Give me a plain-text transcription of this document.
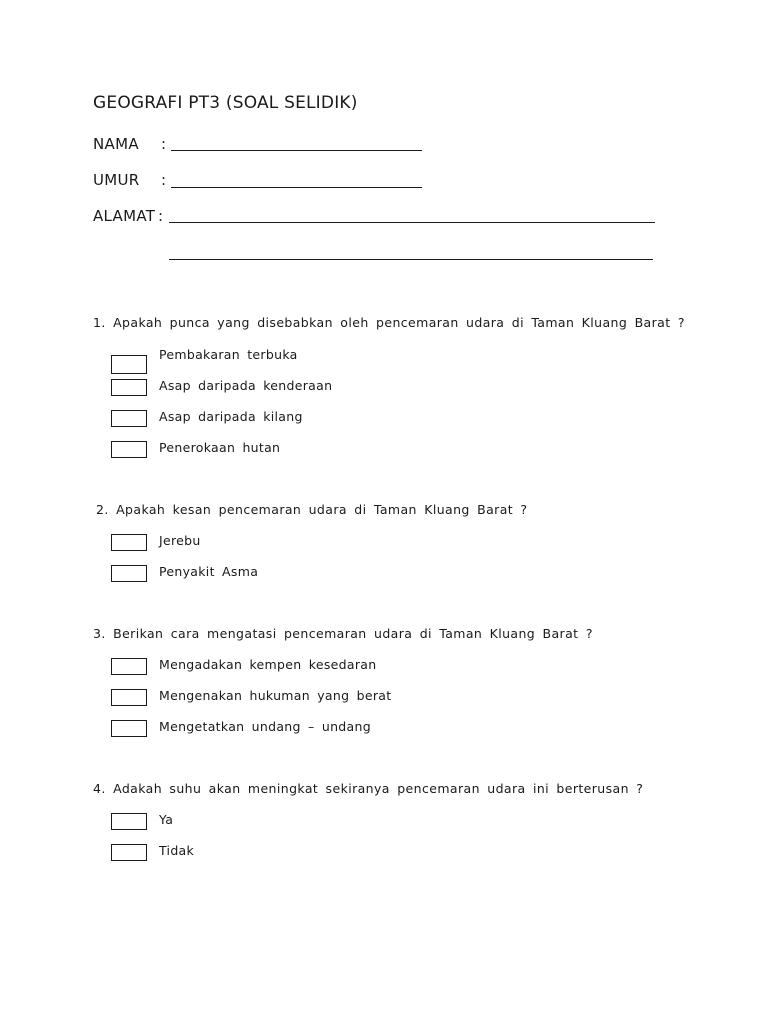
GEOGRAFI PT3 (SOAL SELIDIK)
NAMA :
UMUR :
ALAMAT :
1. Apakah punca yang disebabkan oleh pencemaran udara di Taman Kluang Barat ?
Pembakaran terbuka
Asap daripada kenderaan
Asap daripada kilang
Penerokaan hutan
2. Apakah kesan pencemaran udara di Taman Kluang Barat ?
Jerebu
Penyakit Asma
3. Berikan cara mengatasi pencemaran udara di Taman Kluang Barat ?
Mengadakan kempen kesedaran
Mengenakan hukuman yang berat
Mengetatkan undang – undang
4. Adakah suhu akan meningkat sekiranya pencemaran udara ini berterusan ?
Ya
Tidak
